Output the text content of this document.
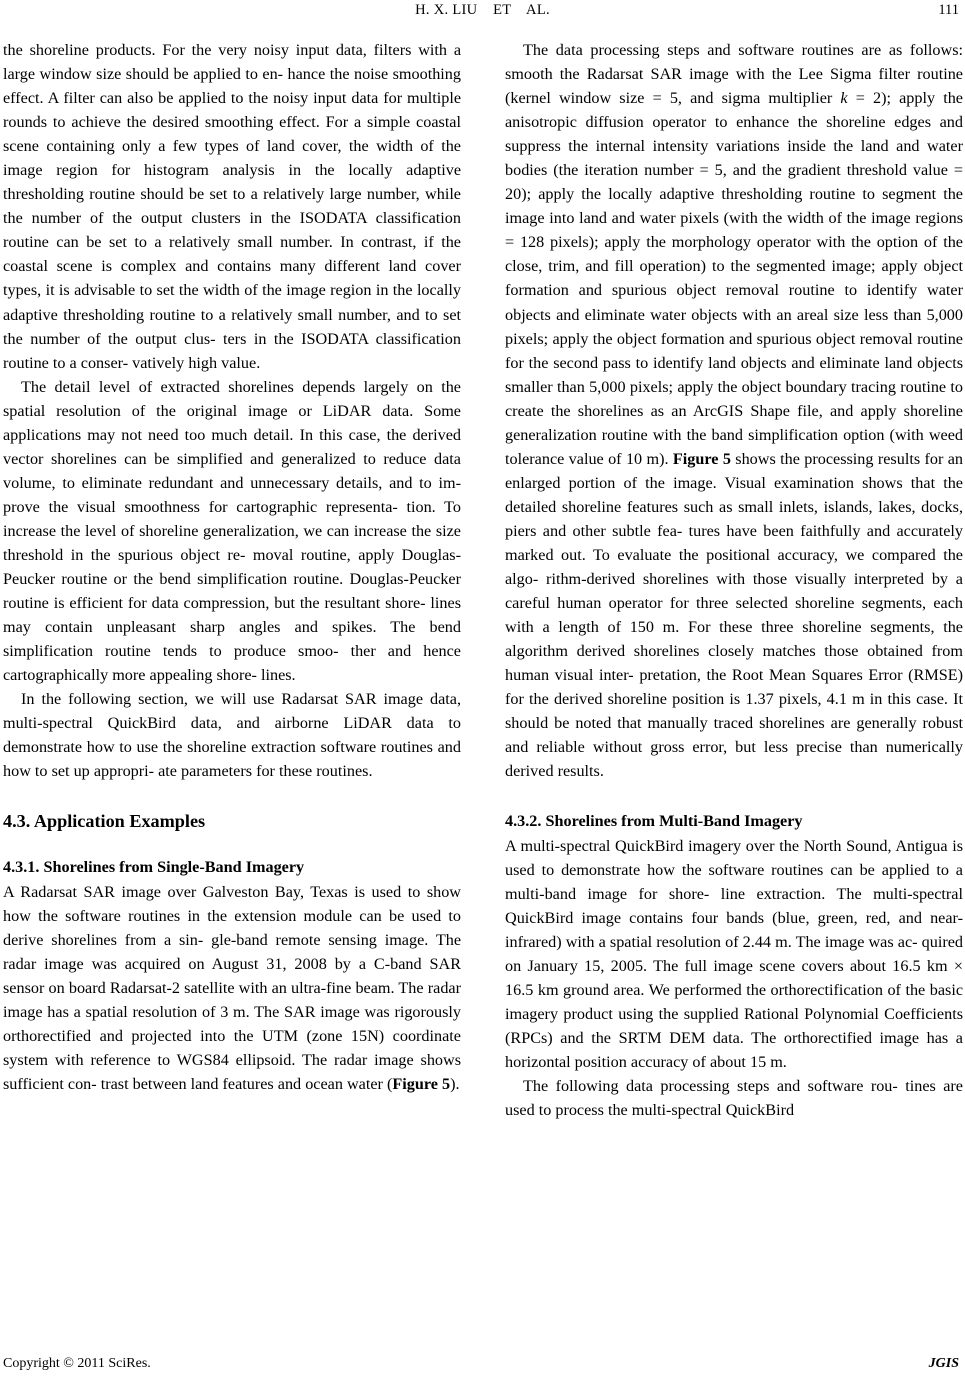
H. X. LIU    ET    AL.	111

the shoreline products. For the very noisy input data, filters with a large window size should be applied to en- hance the noise smoothing effect. A filter can also be applied to the noisy input data for multiple rounds to achieve the desired smoothing effect. For a simple coastal scene containing only a few types of land cover, the width of the image region for histogram analysis in the locally adaptive thresholding routine should be set to a relatively large number, while the number of the output clusters in the ISODATA classification routine can be set to a relatively small number. In contrast, if the coastal scene is complex and contains many different land cover types, it is advisable to set the width of the image region in the locally adaptive thresholding routine to a relatively small number, and to set the number of the output clus- ters in the ISODATA classification routine to a conser- vatively high value.

The detail level of extracted shorelines depends largely on the spatial resolution of the original image or LiDAR data. Some applications may not need too much detail. In this case, the derived vector shorelines can be simplified and generalized to reduce data volume, to eliminate redundant and unnecessary details, and to im- prove the visual smoothness for cartographic representa- tion. To increase the level of shoreline generalization, we can increase the size threshold in the spurious object re- moval routine, apply Douglas-Peucker routine or the bend simplification routine. Douglas-Peucker routine is efficient for data compression, but the resultant shore- lines may contain unpleasant sharp angles and spikes. The bend simplification routine tends to produce smoo- ther and hence cartographically more appealing shore- lines.

In the following section, we will use Radarsat SAR image data, multi-spectral QuickBird data, and airborne LiDAR data to demonstrate how to use the shoreline extraction software routines and how to set up appropri- ate parameters for these routines.

4.3. Application Examples
4.3.1. Shorelines from Single-Band Imagery

A Radarsat SAR image over Galveston Bay, Texas is used to show how the software routines in the extension module can be used to derive shorelines from a sin- gle-band remote sensing image. The radar image was acquired on August 31, 2008 by a C-band SAR sensor on board Radarsat-2 satellite with an ultra-fine beam. The radar image has a spatial resolution of 3 m. The SAR image was rigorously orthorectified and projected into the UTM (zone 15N) coordinate system with reference to WGS84 ellipsoid. The radar image shows sufficient con- trast between land features and ocean water (Figure 5).

The data processing steps and software routines are as follows: smooth the Radarsat SAR image with the Lee Sigma filter routine (kernel window size = 5, and sigma multiplier k = 2); apply the anisotropic diffusion operator to enhance the shoreline edges and suppress the internal intensity variations inside the land and water bodies (the iteration number = 5, and the gradient threshold value = 20); apply the locally adaptive thresholding routine to segment the image into land and water pixels (with the width of the image regions = 128 pixels); apply the morphology operator with the option of the close, trim, and fill operation) to the segmented image; apply object formation and spurious object removal routine to identify water objects and eliminate water objects with an areal size less than 5,000 pixels; apply the object formation and spurious object removal routine for the second pass to identify land objects and eliminate land objects smaller than 5,000 pixels; apply the object boundary tracing routine to create the shorelines as an ArcGIS Shape file, and apply shoreline generalization routine with the band simplification option (with weed tolerance value of 10 m). Figure 5 shows the processing results for an enlarged portion of the image. Visual examination shows that the detailed shoreline features such as small inlets, islands, lakes, docks, piers and other subtle fea- tures have been faithfully and accurately marked out. To evaluate the positional accuracy, we compared the algo- rithm-derived shorelines with those visually interpreted by a careful human operator for three selected shoreline segments, each with a length of 150 m. For these three shoreline segments, the algorithm derived shorelines closely matches those obtained from human visual inter- pretation, the Root Mean Squares Error (RMSE) for the derived shoreline position is 1.37 pixels, 4.1 m in this case. It should be noted that manually traced shorelines are generally robust and reliable without gross error, but less precise than numerically derived results.

4.3.2. Shorelines from Multi-Band Imagery

A multi-spectral QuickBird imagery over the North Sound, Antigua is used to demonstrate how the software routines can be applied to a multi-band image for shore- line extraction. The multi-spectral QuickBird image contains four bands (blue, green, red, and near-infrared) with a spatial resolution of 2.44 m. The image was ac- quired on January 15, 2005. The full image scene covers about 16.5 km × 16.5 km ground area. We performed the orthorectification of the basic imagery product using the supplied Rational Polynomial Coefficients (RPCs) and the SRTM DEM data. The orthorectified image has a horizontal position accuracy of about 15 m.

The following data processing steps and software rou- tines are used to process the multi-spectral QuickBird

Copyright © 2011 SciRes.	JGIS
